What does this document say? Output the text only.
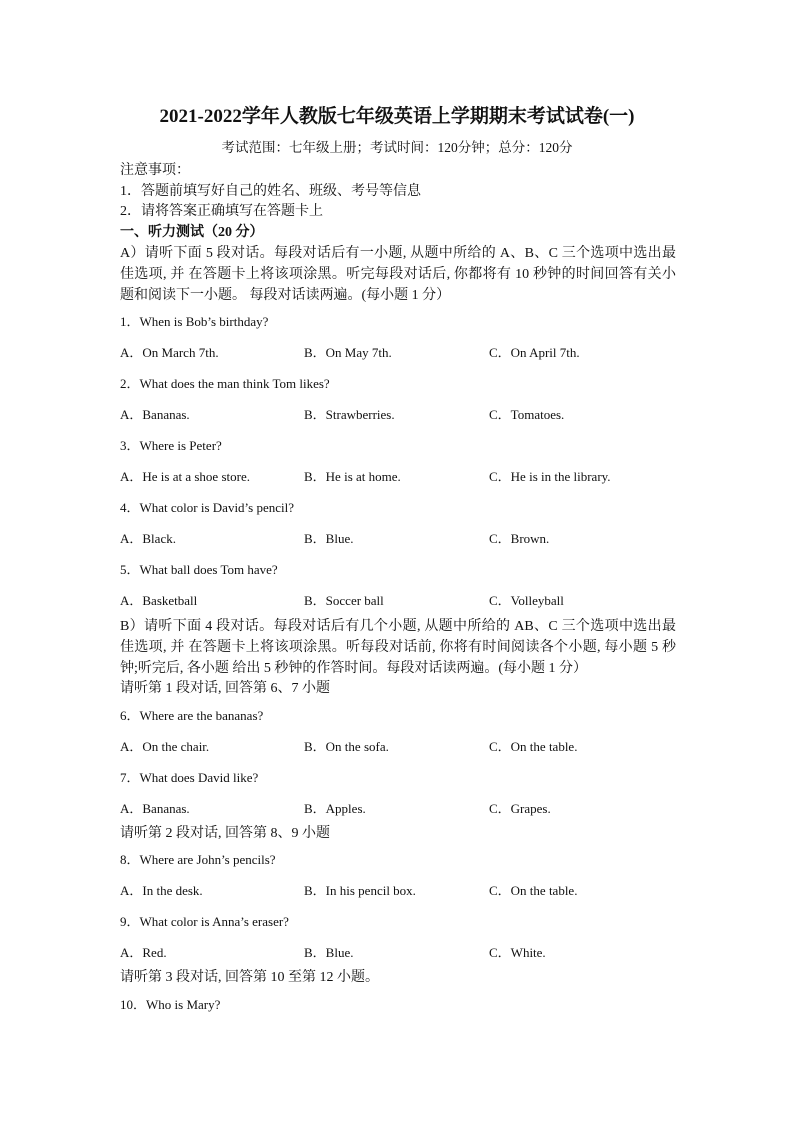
2021-2022学年人教版七年级英语上学期期末考试试卷(一)
考试范围：七年级上册；考试时间：120分钟；总分：120分
注意事项：
1．答题前填写好自己的姓名、班级、考号等信息
2．请将答案正确填写在答题卡上
一、听力测试（20 分）
A）请听下面 5 段对话。每段对话后有一小题, 从题中所给的 A、B、C 三个选项中选出最佳选项, 并 在答题卡上将该项涂黑。听完每段对话后, 你都将有 10 秒钟的时间回答有关小题和阅读下一小题。 每段对话读两遍。(每小题 1 分）
1．When is Bob’s birthday?
A．On March 7th.	B．On May 7th.	C．On April 7th.
2．What does the man think Tom likes?
A．Bananas.	B．Strawberries.	C．Tomatoes.
3．Where is Peter?
A．He is at a shoe store.	B．He is at home.	C．He is in the library.
4．What color is David’s pencil?
A．Black.	B．Blue.	C．Brown.
5．What ball does Tom have?
A．Basketball	B．Soccer ball	C．Volleyball
B）请听下面 4 段对话。每段对话后有几个小题, 从题中所给的 AB、C 三个选项中选出最佳选项, 并 在答题卡上将该项涂黑。听每段对话前, 你将有时间阅读各个小题, 每小题 5 秒钟;听完后, 各小题 给出 5 秒钟的作答时间。每段对话读两遍。(每小题 1 分）
请听第 1 段对话, 回答第 6、7 小题
6．Where are the bananas?
A．On the chair.	B．On the sofa.	C．On the table.
7．What does David like?
A．Bananas.	B．Apples.	C．Grapes.
请听第 2 段对话, 回答第 8、9 小题
8．Where are John’s pencils?
A．In the desk.	B．In his pencil box.	C．On the table.
9．What color is Anna’s eraser?
A．Red.	B．Blue.	C．White.
请听第 3 段对话, 回答第 10 至第 12 小题。
10．Who is Mary?
